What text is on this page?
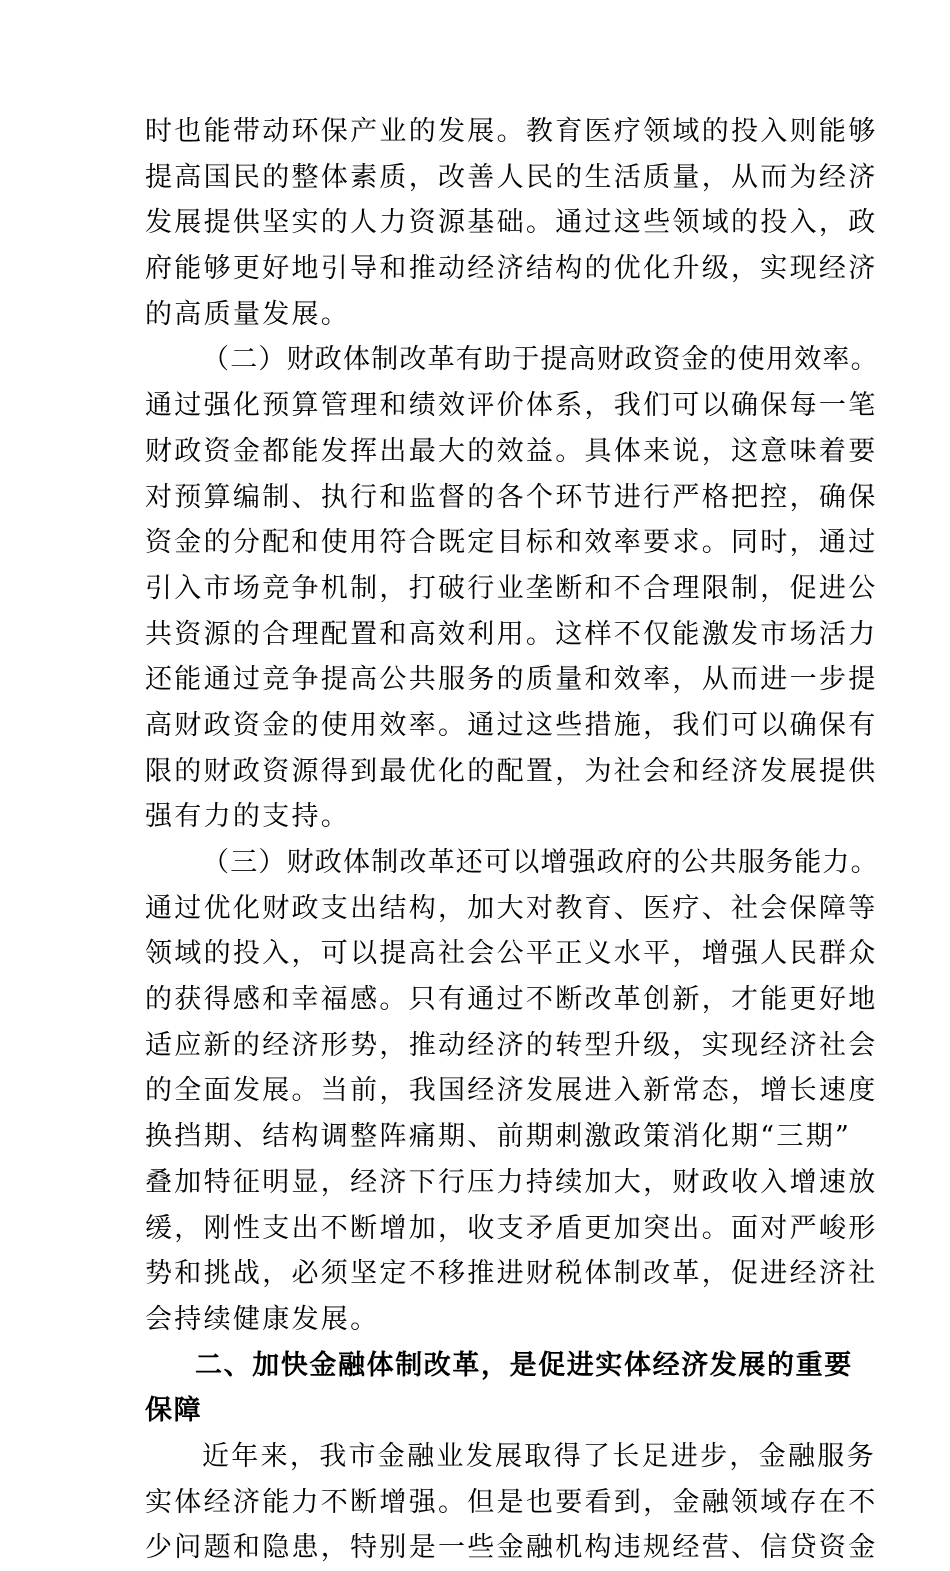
时也能带动环保产业的发展。教育医疗领域的投入则能够
提高国民的整体素质，改善人民的生活质量，从而为经济
发展提供坚实的人力资源基础。通过这些领域的投入，政
府能够更好地引导和推动经济结构的优化升级，实现经济
的高质量发展。
（二）财政体制改革有助于提高财政资金的使用效率。
通过强化预算管理和绩效评价体系，我们可以确保每一笔
财政资金都能发挥出最大的效益。具体来说，这意味着要
对预算编制、执行和监督的各个环节进行严格把控，确保
资金的分配和使用符合既定目标和效率要求。同时，通过
引入市场竞争机制，打破行业垄断和不合理限制，促进公
共资源的合理配置和高效利用。这样不仅能激发市场活力
还能通过竞争提高公共服务的质量和效率，从而进一步提
高财政资金的使用效率。通过这些措施，我们可以确保有
限的财政资源得到最优化的配置，为社会和经济发展提供
强有力的支持。
（三）财政体制改革还可以增强政府的公共服务能力。
通过优化财政支出结构，加大对教育、医疗、社会保障等
领域的投入，可以提高社会公平正义水平，增强人民群众
的获得感和幸福感。只有通过不断改革创新，才能更好地
适应新的经济形势，推动经济的转型升级，实现经济社会
的全面发展。当前，我国经济发展进入新常态，增长速度
换挡期、结构调整阵痛期、前期刺激政策消化期“三期”
叠加特征明显，经济下行压力持续加大，财政收入增速放
缓，刚性支出不断增加，收支矛盾更加突出。面对严峻形
势和挑战，必须坚定不移推进财税体制改革，促进经济社
会持续健康发展。
二、加快金融体制改革，是促进实体经济发展的重要
保障
近年来，我市金融业发展取得了长足进步，金融服务
实体经济能力不断增强。但是也要看到，金融领域存在不
少问题和隐患，特别是一些金融机构违规经营、信贷资金
